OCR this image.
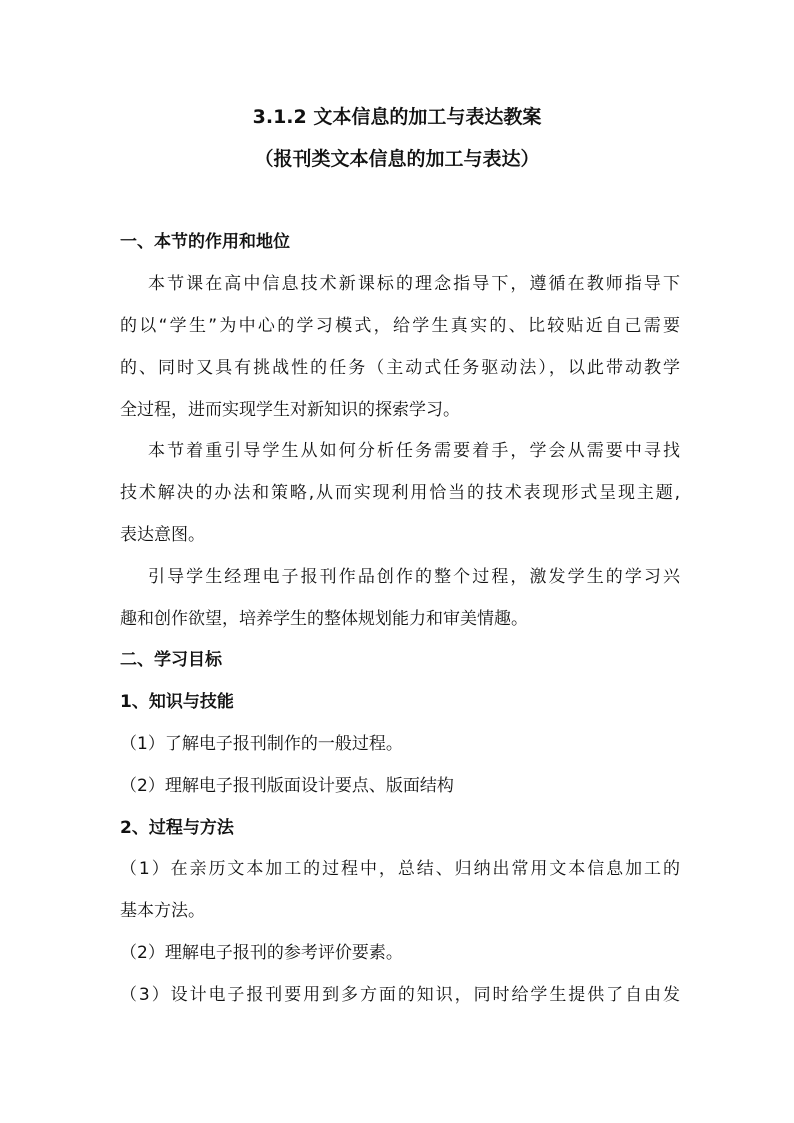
3.1.2 文本信息的加工与表达教案
（报刊类文本信息的加工与表达）

一、本节的作用和地位

本节课在高中信息技术新课标的理念指导下，遵循在教师指导下

的以“学生”为中心的学习模式，给学生真实的、比较贴近自己需要

的、同时又具有挑战性的任务（主动式任务驱动法），以此带动教学

全过程，进而实现学生对新知识的探索学习。

本节着重引导学生从如何分析任务需要着手，学会从需要中寻找

技术解决的办法和策略,从而实现利用恰当的技术表现形式呈现主题,

表达意图。

引导学生经理电子报刊作品创作的整个过程，激发学生的学习兴

趣和创作欲望，培养学生的整体规划能力和审美情趣。

二、学习目标

1、知识与技能

（1）了解电子报刊制作的一般过程。

（2）理解电子报刊版面设计要点、版面结构

2、过程与方法

（1）在亲历文本加工的过程中，总结、归纳出常用文本信息加工的

基本方法。

（2）理解电子报刊的参考评价要素。

（3）设计电子报刊要用到多方面的知识，同时给学生提供了自由发
